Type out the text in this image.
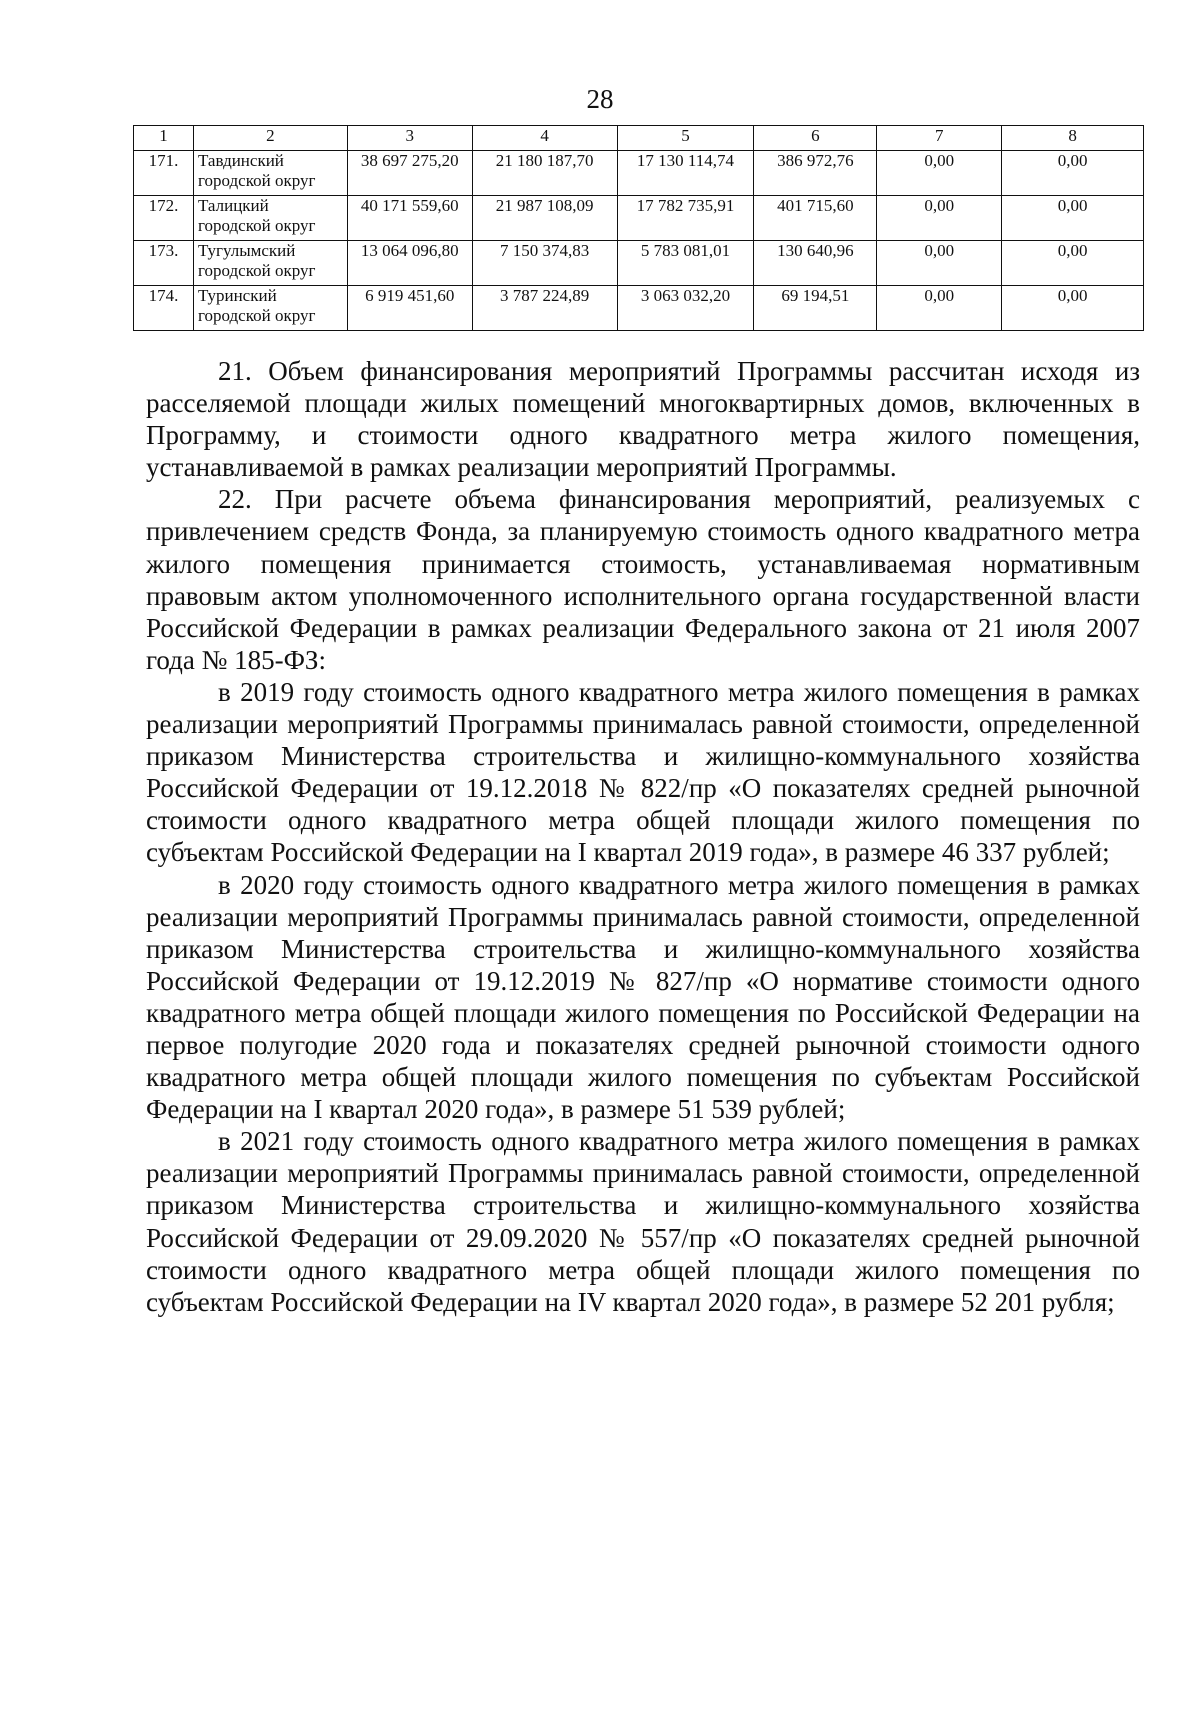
28
1	2	3	4	5	6	7	8
171.	Тавдинский городской округ	38 697 275,20	21 180 187,70	17 130 114,74	386 972,76	0,00	0,00
172.	Талицкий городской округ	40 171 559,60	21 987 108,09	17 782 735,91	401 715,60	0,00	0,00
173.	Тугулымский городской округ	13 064 096,80	7 150 374,83	5 783 081,01	130 640,96	0,00	0,00
174.	Туринский городской округ	6 919 451,60	3 787 224,89	3 063 032,20	69 194,51	0,00	0,00

21. Объем финансирования мероприятий Программы рассчитан исходя из расселяемой площади жилых помещений многоквартирных домов, включенных в Программу, и стоимости одного квадратного метра жилого помещения, устанавливаемой в рамках реализации мероприятий Программы.

22. При расчете объема финансирования мероприятий, реализуемых с привлечением средств Фонда, за планируемую стоимость одного квадратного метра жилого помещения принимается стоимость, устанавливаемая нормативным правовым актом уполномоченного исполнительного органа государственной власти Российской Федерации в рамках реализации Федерального закона от 21 июля 2007 года № 185-ФЗ:

в 2019 году стоимость одного квадратного метра жилого помещения в рамках реализации мероприятий Программы принималась равной стоимости, определенной приказом Министерства строительства и жилищно-коммунального хозяйства Российской Федерации от 19.12.2018 № 822/пр «О показателях средней рыночной стоимости одного квадратного метра общей площади жилого помещения по субъектам Российской Федерации на I квартал 2019 года», в размере 46 337 рублей;

в 2020 году стоимость одного квадратного метра жилого помещения в рамках реализации мероприятий Программы принималась равной стоимости, определенной приказом Министерства строительства и жилищно-коммунального хозяйства Российской Федерации от 19.12.2019 № 827/пр «О нормативе стоимости одного квадратного метра общей площади жилого помещения по Российской Федерации на первое полугодие 2020 года и показателях средней рыночной стоимости одного квадратного метра общей площади жилого помещения по субъектам Российской Федерации на I квартал 2020 года», в размере 51 539 рублей;

в 2021 году стоимость одного квадратного метра жилого помещения в рамках реализации мероприятий Программы принималась равной стоимости, определенной приказом Министерства строительства и жилищно-коммунального хозяйства Российской Федерации от 29.09.2020 № 557/пр «О показателях средней рыночной стоимости одного квадратного метра общей площади жилого помещения по субъектам Российской Федерации на IV квартал 2020 года», в размере 52 201 рубля;
